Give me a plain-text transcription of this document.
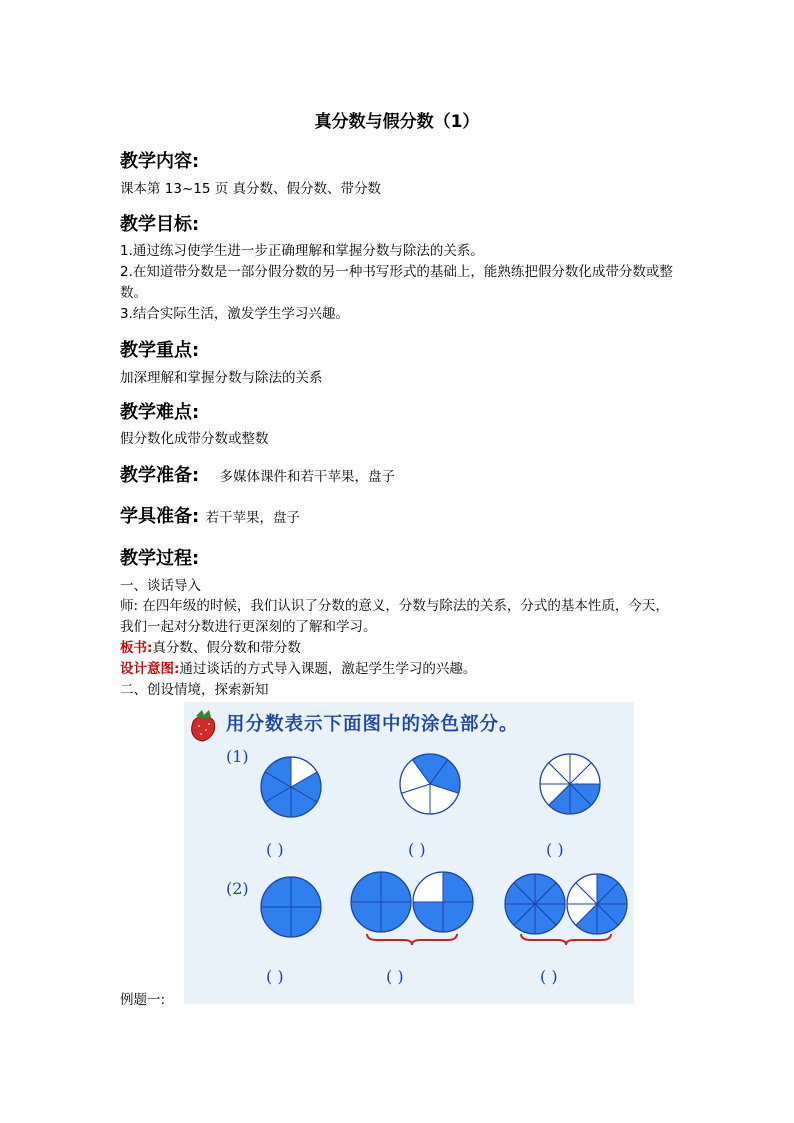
真分数与假分数（1）
教学内容:
课本第 13~15 页 真分数、假分数、带分数
教学目标:
1.通过练习使学生进一步正确理解和掌握分数与除法的关系。
2.在知道带分数是一部分假分数的另一种书写形式的基础上，能熟练把假分数化成带分数或整数。
3.结合实际生活，激发学生学习兴趣。
教学重点:
加深理解和掌握分数与除法的关系
教学难点:
假分数化成带分数或整数
教学准备: 多媒体课件和若干苹果，盘子
学具准备: 若干苹果，盘子
教学过程:
一、谈话导入
师: 在四年级的时候，我们认识了分数的意义，分数与除法的关系，分式的基本性质，今天，我们一起对分数进行更深刻的了解和学习。
板书:真分数、假分数和带分数
设计意图:通过谈话的方式导入课题，激起学生学习的兴趣。
二、创设情境，探索新知
用分数表示下面图中的涂色部分。
(1)
(2)
( )	( )	( )
( )	( )	( )
例题一:
